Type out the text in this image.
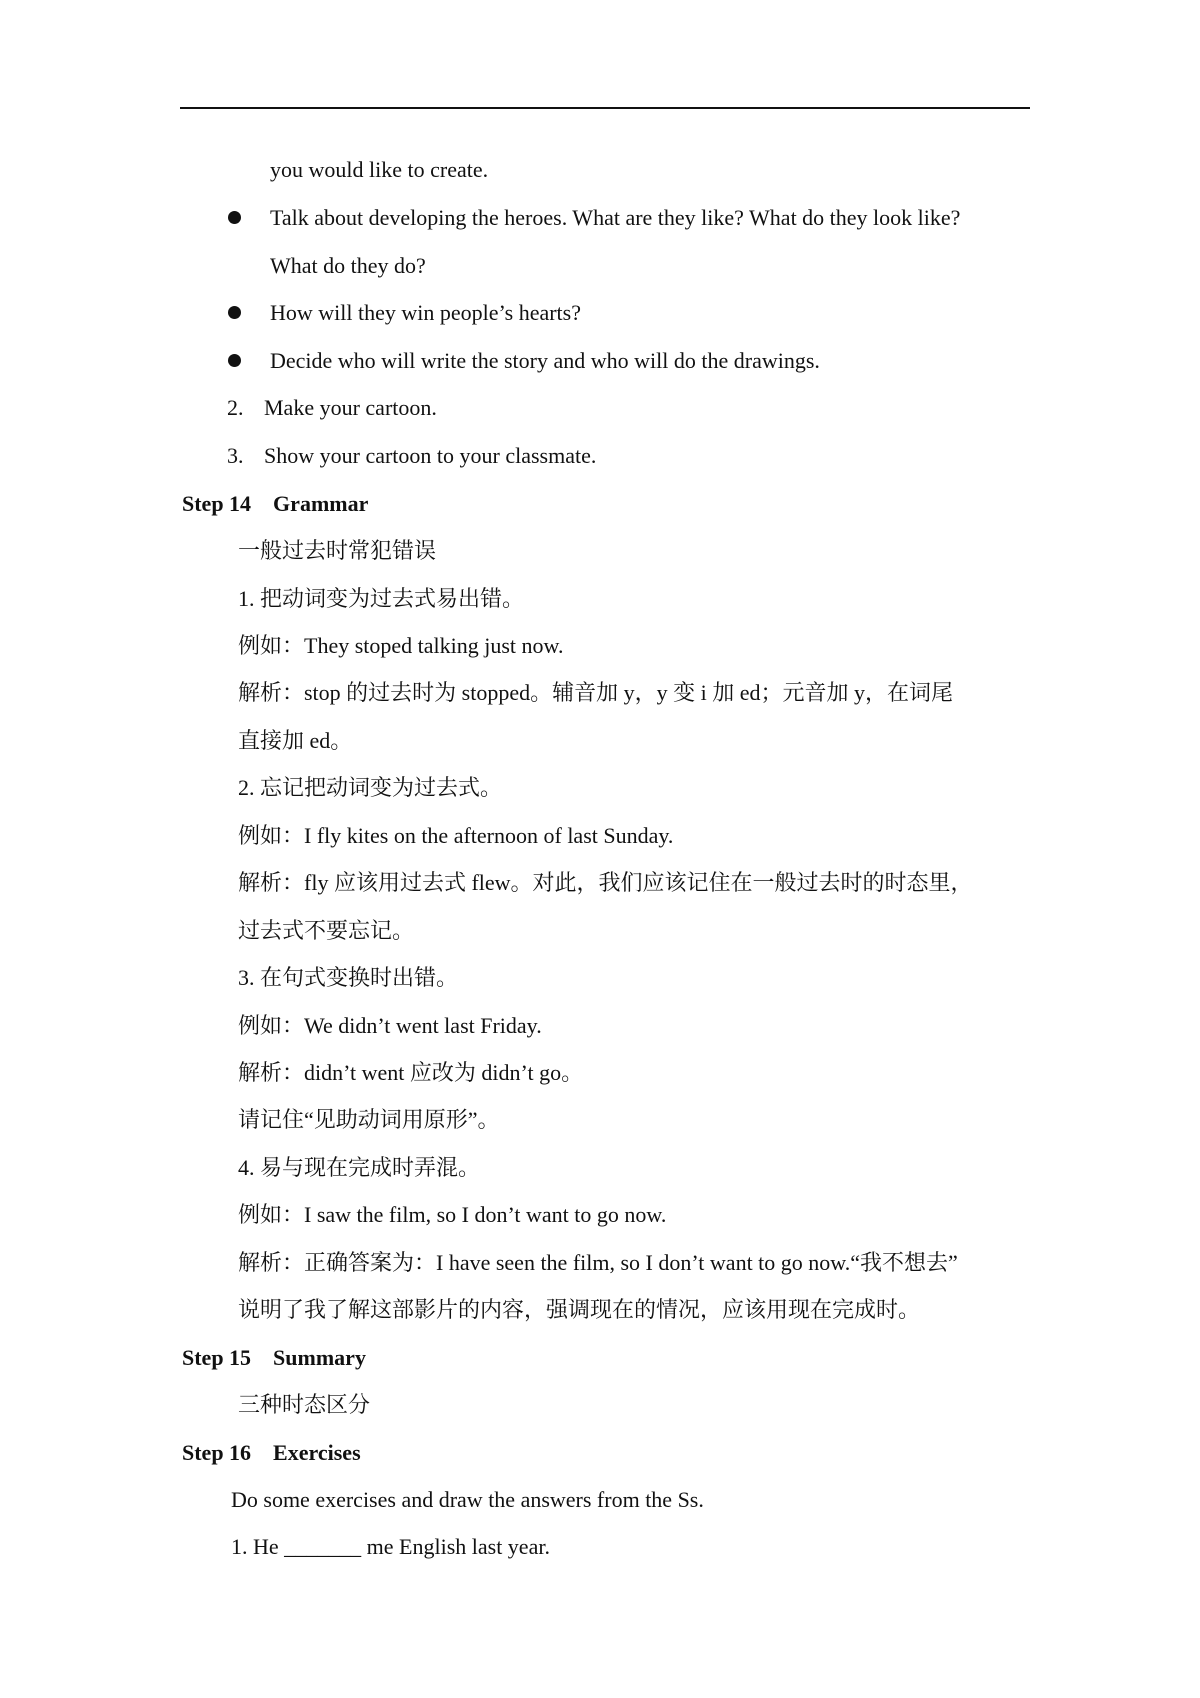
you would like to create.
Talk about developing the heroes. What are they like? What do they look like?
What do they do?
How will they win people’s hearts?
Decide who will write the story and who will do the drawings.
2. Make your cartoon.
3. Show your cartoon to your classmate.
Step 14    Grammar
一般过去时常犯错误
1. 把动词变为过去式易出错。
例如：They stoped talking just now.
解析：stop 的过去时为 stopped。辅音加 y，y 变 i 加 ed；元音加 y，在词尾
直接加 ed。
2. 忘记把动词变为过去式。
例如：I fly kites on the afternoon of last Sunday.
解析：fly 应该用过去式 flew。对此，我们应该记住在一般过去时的时态里，
过去式不要忘记。
3. 在句式变换时出错。
例如：We didn’t went last Friday.
解析：didn’t went 应改为 didn’t go。
请记住“见助动词用原形”。
4. 易与现在完成时弄混。
例如：I saw the film, so I don’t want to go now.
解析：正确答案为：I have seen the film, so I don’t want to go now.“我不想去”
说明了我了解这部影片的内容，强调现在的情况，应该用现在完成时。
Step 15    Summary
三种时态区分
Step 16    Exercises
Do some exercises and draw the answers from the Ss.
1. He _______ me English last year.
